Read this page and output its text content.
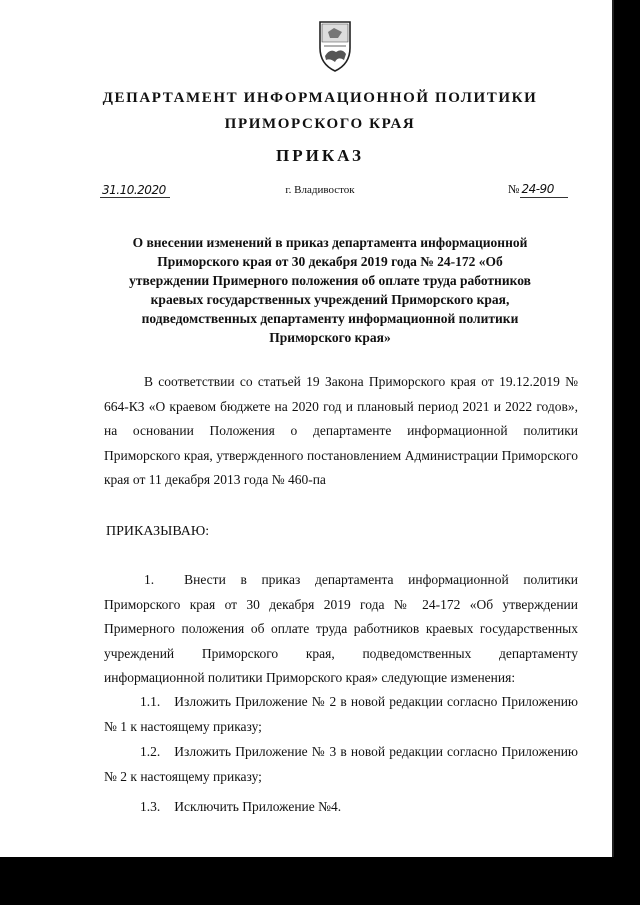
ДЕПАРТАМЕНТ ИНФОРМАЦИОННОЙ ПОЛИТИКИ
ПРИМОРСКОГО КРАЯ
ПРИКАЗ
31.10.2020	г. Владивосток	№ 24-90
О внесении изменений в приказ департамента информационной Приморского края от 30 декабря 2019 года № 24-172 «Об утверждении Примерного положения об оплате труда работников краевых государственных учреждений Приморского края, подведомственных департаменту информационной политики Приморского края»
В соответствии со статьей 19 Закона Приморского края от 19.12.2019 № 664-КЗ «О краевом бюджете на 2020 год и плановый период 2021 и 2022 годов», на основании Положения о департаменте информационной политики Приморского края, утвержденного постановлением Администрации Приморского края от 11 декабря 2013 года № 460-па
ПРИКАЗЫВАЮ:
1. Внести в приказ департамента информационной политики Приморского края от 30 декабря 2019 года № 24-172 «Об утверждении Примерного положения об оплате труда работников краевых государственных учреждений Приморского края, подведомственных департаменту информационной политики Приморского края» следующие изменения:
1.1. Изложить Приложение № 2 в новой редакции согласно Приложению № 1 к настоящему приказу;
1.2. Изложить Приложение № 3 в новой редакции согласно Приложению № 2 к настоящему приказу;
1.3. Исключить Приложение №4.
